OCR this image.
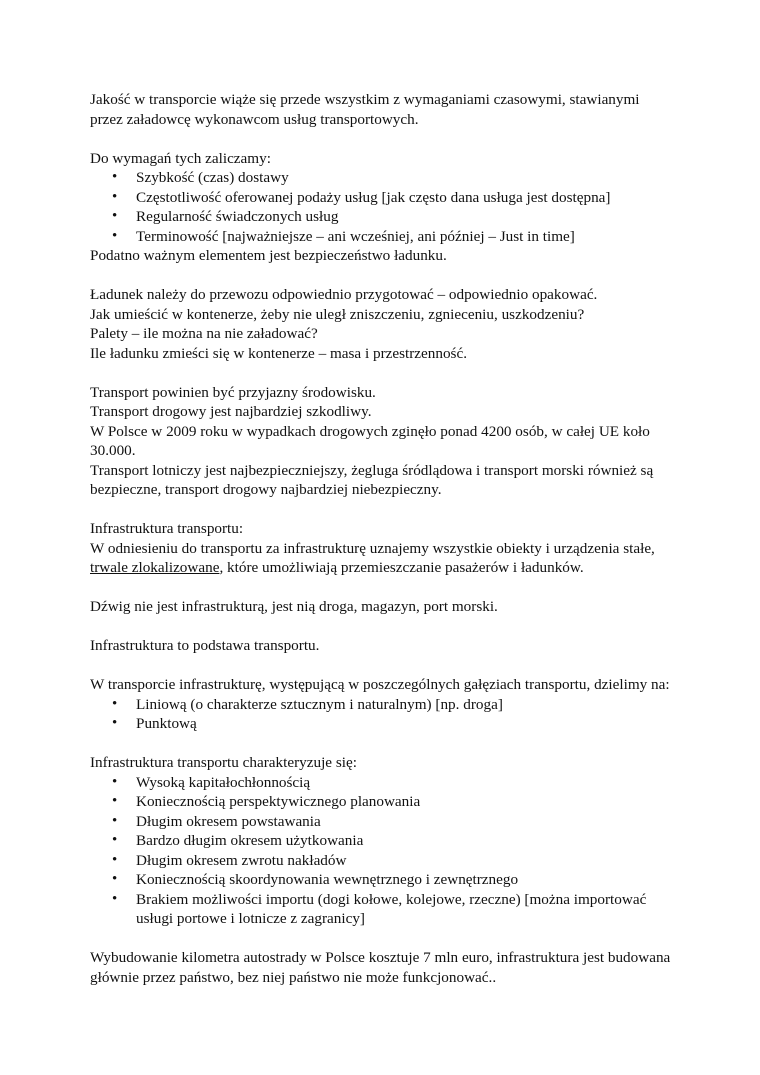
Jakość w transporcie wiąże się przede wszystkim z wymaganiami czasowymi, stawianymi przez załadowcę wykonawcom usług transportowych.

Do wymagań tych zaliczamy:

• Szybkość (czas) dostawy
• Częstotliwość oferowanej podaży usług [jak często dana usługa jest dostępna]
• Regularność świadczonych usług
• Terminowość [najważniejsze – ani wcześniej, ani później – Just in time]

Podatno ważnym elementem jest bezpieczeństwo ładunku.

Ładunek należy do przewozu odpowiednio przygotować – odpowiednio opakować.

Jak umieścić w kontenerze, żeby nie uległ zniszczeniu, zgnieceniu, uszkodzeniu?

Palety – ile można na nie załadować?

Ile ładunku zmieści się w kontenerze – masa i przestrzenność.

Transport powinien być przyjazny środowisku.

Transport drogowy jest najbardziej szkodliwy.

W Polsce w 2009 roku w wypadkach drogowych zginęło ponad 4200 osób, w całej UE koło 30.000.

Transport lotniczy jest najbezpieczniejszy, żegluga śródlądowa i transport morski również są bezpieczne, transport drogowy najbardziej niebezpieczny.

Infrastruktura transportu:

W odniesieniu do transportu za infrastrukturę uznajemy wszystkie obiekty i urządzenia stałe, trwale zlokalizowane, które umożliwiają przemieszczanie pasażerów i ładunków.

Dźwig nie jest infrastrukturą, jest nią droga, magazyn, port morski.

Infrastruktura to podstawa transportu.

W transporcie infrastrukturę, występującą w poszczególnych gałęziach transportu, dzielimy na:

• Liniową (o charakterze sztucznym i naturalnym) [np. droga]
• Punktową

Infrastruktura transportu charakteryzuje się:

• Wysoką kapitałochłonnością
• Koniecznością perspektywicznego planowania
• Długim okresem powstawania
• Bardzo długim okresem użytkowania
• Długim okresem zwrotu nakładów
• Koniecznością skoordynowania wewnętrznego i zewnętrznego
• Brakiem możliwości importu (dogi kołowe, kolejowe, rzeczne) [można importować usługi portowe i lotnicze z zagranicy]

Wybudowanie kilometra autostrady w Polsce kosztuje 7 mln euro, infrastruktura jest budowana głównie przez państwo, bez niej państwo nie może funkcjonować..
